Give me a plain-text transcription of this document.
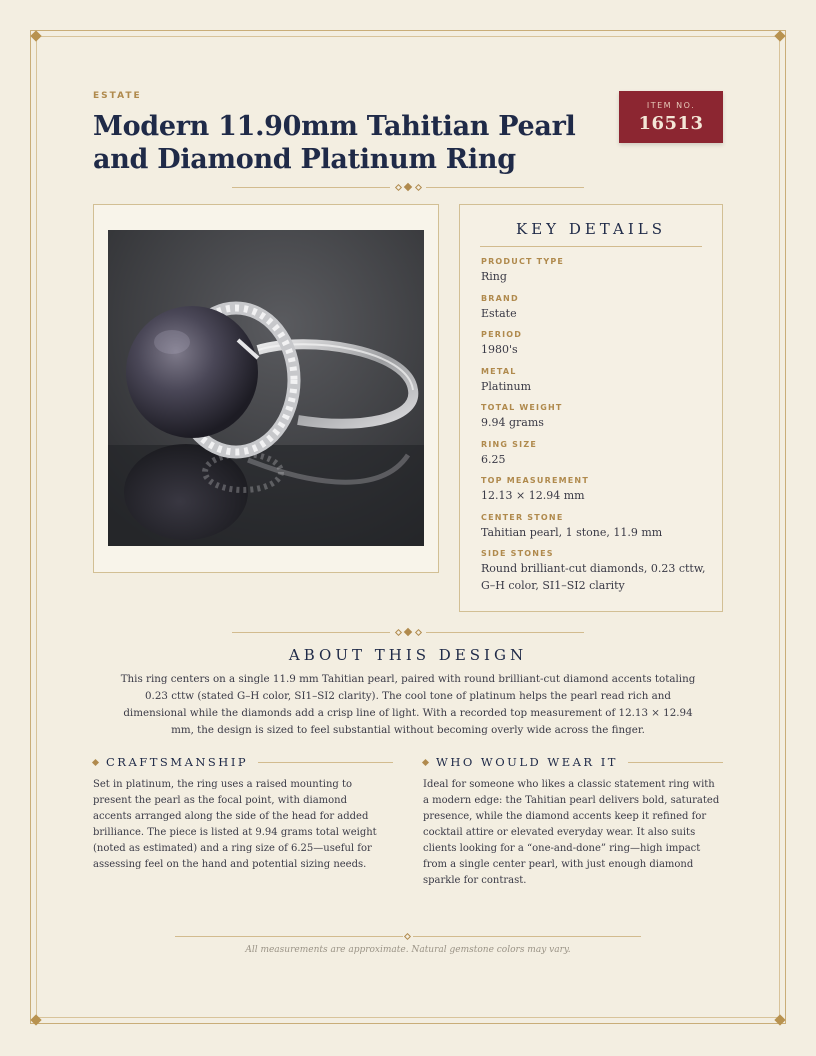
ESTATE
Modern 11.90mm Tahitian Pearl and Diamond Platinum Ring
ITEM NO.
16513
KEY DETAILS
PRODUCT TYPE
Ring
BRAND
Estate
PERIOD
1980's
METAL
Platinum
TOTAL WEIGHT
9.94 grams
RING SIZE
6.25
TOP MEASUREMENT
12.13 × 12.94 mm
CENTER STONE
Tahitian pearl, 1 stone, 11.9 mm
SIDE STONES
Round brilliant-cut diamonds, 0.23 cttw, G–H color, SI1–SI2 clarity
ABOUT THIS DESIGN
This ring centers on a single 11.9 mm Tahitian pearl, paired with round brilliant-cut diamond accents totaling 0.23 cttw (stated G–H color, SI1–SI2 clarity). The cool tone of platinum helps the pearl read rich and dimensional while the diamonds add a crisp line of light. With a recorded top measurement of 12.13 × 12.94 mm, the design is sized to feel substantial without becoming overly wide across the finger.
CRAFTSMANSHIP
Set in platinum, the ring uses a raised mounting to present the pearl as the focal point, with diamond accents arranged along the side of the head for added brilliance. The piece is listed at 9.94 grams total weight (noted as estimated) and a ring size of 6.25—useful for assessing feel on the hand and potential sizing needs.
WHO WOULD WEAR IT
Ideal for someone who likes a classic statement ring with a modern edge: the Tahitian pearl delivers bold, saturated presence, while the diamond accents keep it refined for cocktail attire or elevated everyday wear. It also suits clients looking for a “one-and-done” ring—high impact from a single center pearl, with just enough diamond sparkle for contrast.
All measurements are approximate. Natural gemstone colors may vary.
